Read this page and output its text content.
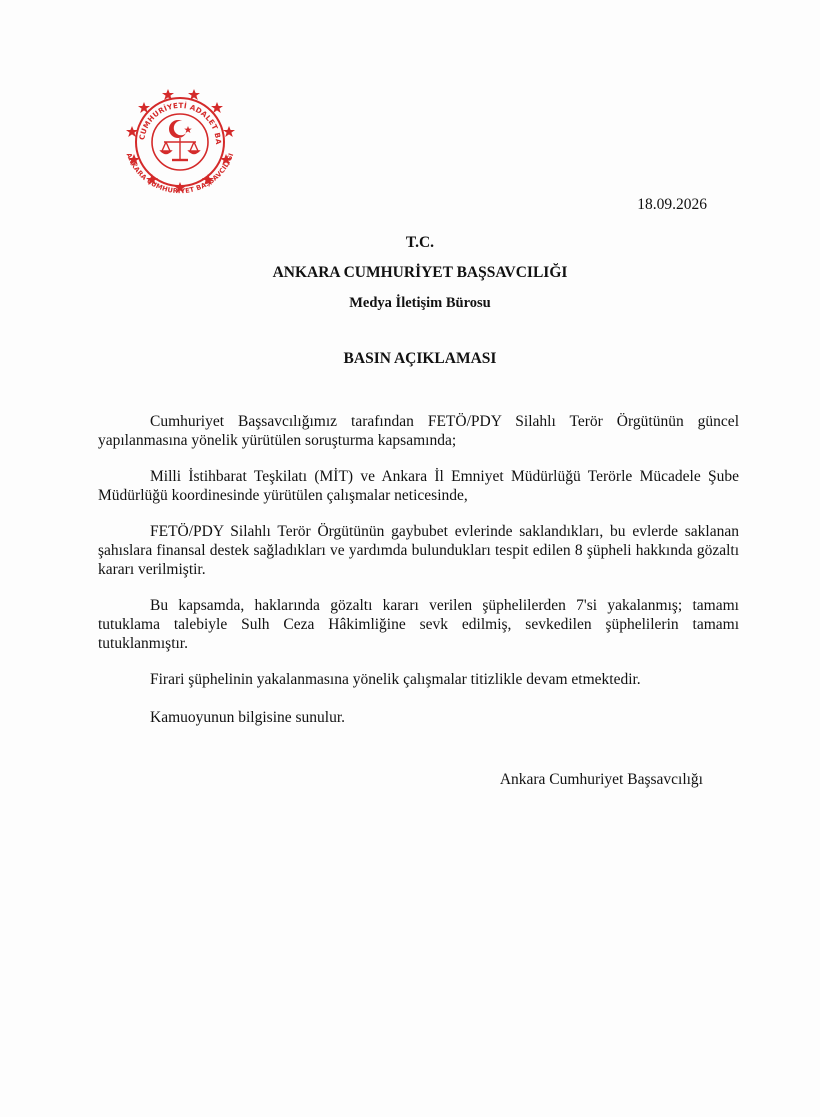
CUMHURİYETİ ADALET BA
ANKARA CUMHURİYET BAŞSAVCILIĞI
18.09.2026
T.C.
ANKARA CUMHURİYET BAŞSAVCILIĞI
Medya İletişim Bürosu
BASIN AÇIKLAMASI

Cumhuriyet Başsavcılığımız tarafından FETÖ/PDY Silahlı Terör Örgütünün güncel yapılanmasına yönelik yürütülen soruşturma kapsamında;

Milli İstihbarat Teşkilatı (MİT) ve Ankara İl Emniyet Müdürlüğü Terörle Mücadele Şube Müdürlüğü koordinesinde yürütülen çalışmalar neticesinde,

FETÖ/PDY Silahlı Terör Örgütünün gaybubet evlerinde saklandıkları, bu evlerde saklanan şahıslara finansal destek sağladıkları ve yardımda bulundukları tespit edilen 8 şüpheli hakkında gözaltı kararı verilmiştir.

Bu kapsamda, haklarında gözaltı kararı verilen şüphelilerden 7'si yakalanmış; tamamı tutuklama talebiyle Sulh Ceza Hâkimliğine sevk edilmiş, sevkedilen şüphelilerin tamamı tutuklanmıştır.

Firari şüphelinin yakalanmasına yönelik çalışmalar titizlikle devam etmektedir.

Kamuoyunun bilgisine sunulur.

Ankara Cumhuriyet Başsavcılığı
